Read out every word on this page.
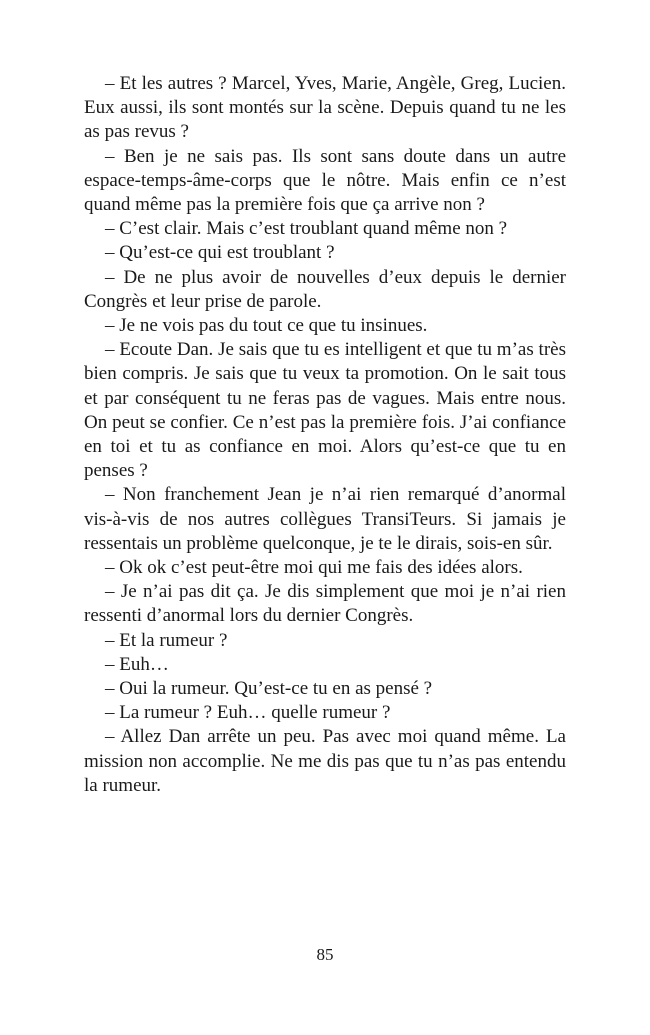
– Et les autres ? Marcel, Yves, Marie, Angèle, Greg, Lucien. Eux aussi, ils sont montés sur la scène. Depuis quand tu ne les as pas revus ?

– Ben je ne sais pas. Ils sont sans doute dans un autre espace-temps-âme-corps que le nôtre. Mais enfin ce n’est quand même pas la première fois que ça arrive non ?

– C’est clair. Mais c’est troublant quand même non ?

– Qu’est-ce qui est troublant ?

– De ne plus avoir de nouvelles d’eux depuis le dernier Congrès et leur prise de parole.

– Je ne vois pas du tout ce que tu insinues.

– Ecoute Dan. Je sais que tu es intelligent et que tu m’as très bien compris. Je sais que tu veux ta promotion. On le sait tous et par conséquent tu ne feras pas de vagues. Mais entre nous. On peut se confier. Ce n’est pas la première fois. J’ai confiance en toi et tu as confiance en moi. Alors qu’est-ce que tu en penses ?

– Non franchement Jean je n’ai rien remarqué d’anormal vis-à-vis de nos autres collègues TransiTeurs. Si jamais je ressentais un problème quelconque, je te le dirais, sois-en sûr.

– Ok ok c’est peut-être moi qui me fais des idées alors.

– Je n’ai pas dit ça. Je dis simplement que moi je n’ai rien ressenti d’anormal lors du dernier Congrès.

– Et la rumeur ?

– Euh…

– Oui la rumeur. Qu’est-ce tu en as pensé ?

– La rumeur ? Euh… quelle rumeur ?

– Allez Dan arrête un peu. Pas avec moi quand même. La mission non accomplie. Ne me dis pas que tu n’as pas entendu la rumeur.

85
